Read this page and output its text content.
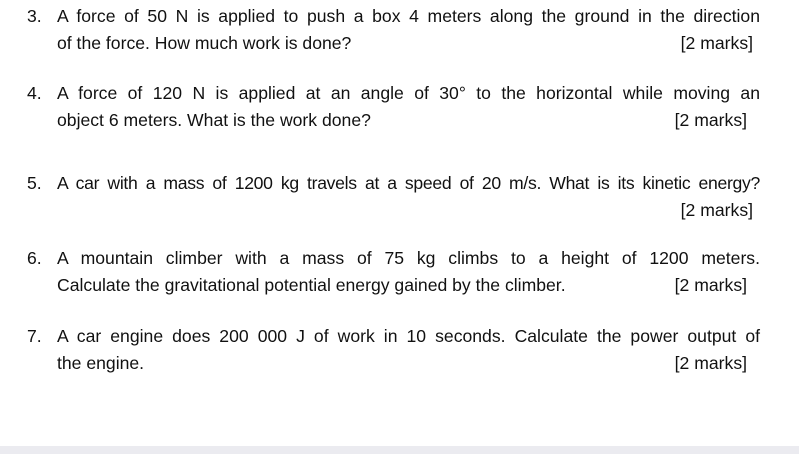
3. A force of 50 N is applied to push a box 4 meters along the ground in the direction
of the force. How much work is done?	[2 marks]
4. A force of 120 N is applied at an angle of 30° to the horizontal while moving an
object 6 meters. What is the work done?	[2 marks]
5. A car with a mass of 1200 kg travels at a speed of 20 m/s. What is its kinetic energy?
[2 marks]
6. A mountain climber with a mass of 75 kg climbs to a height of 1200 meters.
Calculate the gravitational potential energy gained by the climber.	[2 marks]
7. A car engine does 200 000 J of work in 10 seconds. Calculate the power output of
the engine.	[2 marks]
